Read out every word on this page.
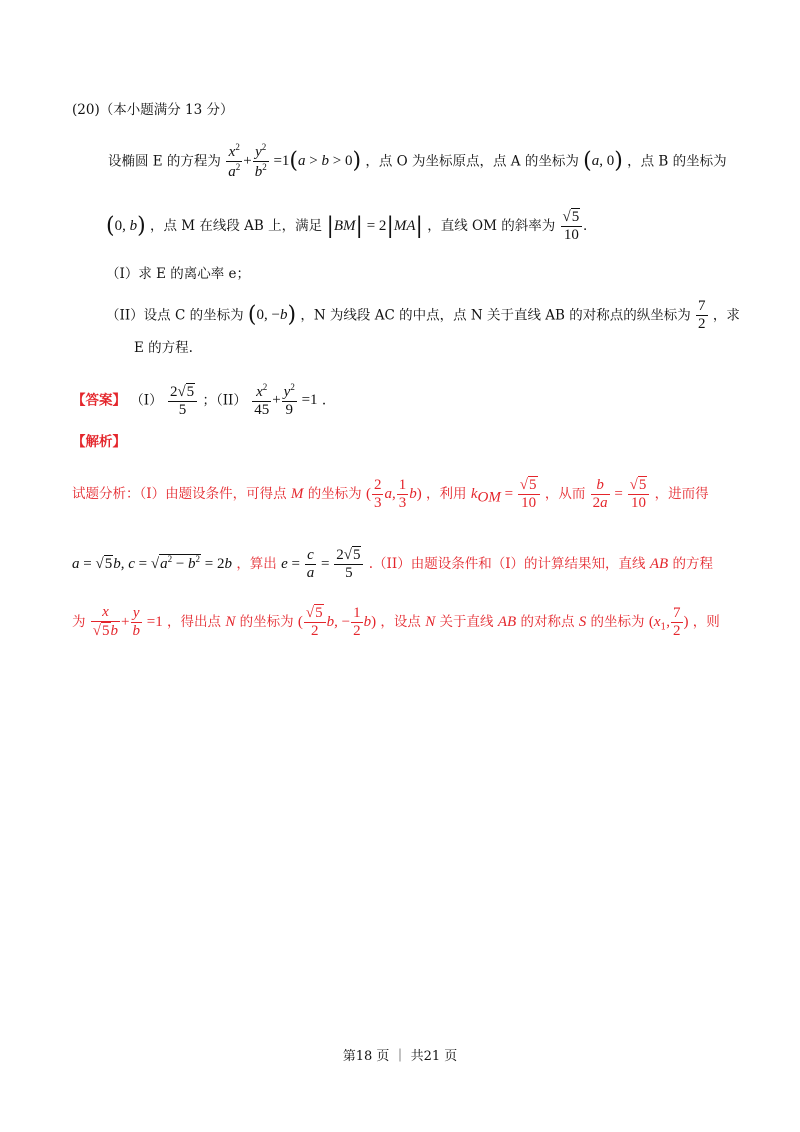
(20)（本小题满分 13 分）
设椭圆 E 的方程为 $\frac{x^2}{a^2} + \frac{y^2}{b^2} =1(a > b > 0)$ ，点 O 为坐标原点，点 A 的坐标为 (a, 0) ，点 B 的坐标为
(0, b) ，点 M 在线段 AB 上，满足 |BM| = 2|MA| ，直线 OM 的斜率为 $\frac{√5}{10}$ .
（I）求 E 的离心率 e；
（II）设点 C 的坐标为 (0, −b) ，N 为线段 AC 的中点，点 N 关于直线 AB 的对称点的纵坐标为 $\frac{7}{2}$ ，求
E 的方程.
【答案】 $(I) \frac{2√5}{5}$ ；$(II) \frac{x^2}{45} + \frac{y^2}{9} =1$ .
【解析】
试题分析：（I）由题设条件，可得点 M 的坐标为 ( $\frac{2}{3} a$, $\frac{1}{3} b$) ，利用 $k_{OM} = \frac{√5}{10}$ ，从而 $\frac{b}{2a} = \frac{√5}{10}$ ，进而得
a = √5b, $c = √a^2 - b^2 = 2b$ ，算出 $e = \frac{c}{a} = \frac{2√5}{5} .(II)$由题设条件和（I）的计算结果知，直线 AB 的方程
为 $\frac{x}{√5b} + \frac{y}{b} =1$ ，得出点 N 的坐标为 ( $\frac{√5}{2} b$, − $\frac{1}{2} b$) ，设点 N 关于直线 AB 的对称点 S 的坐标为 ($x_1$, $\frac{7}{2}$ ) ，则
第18 页 ｜ 共21 页
